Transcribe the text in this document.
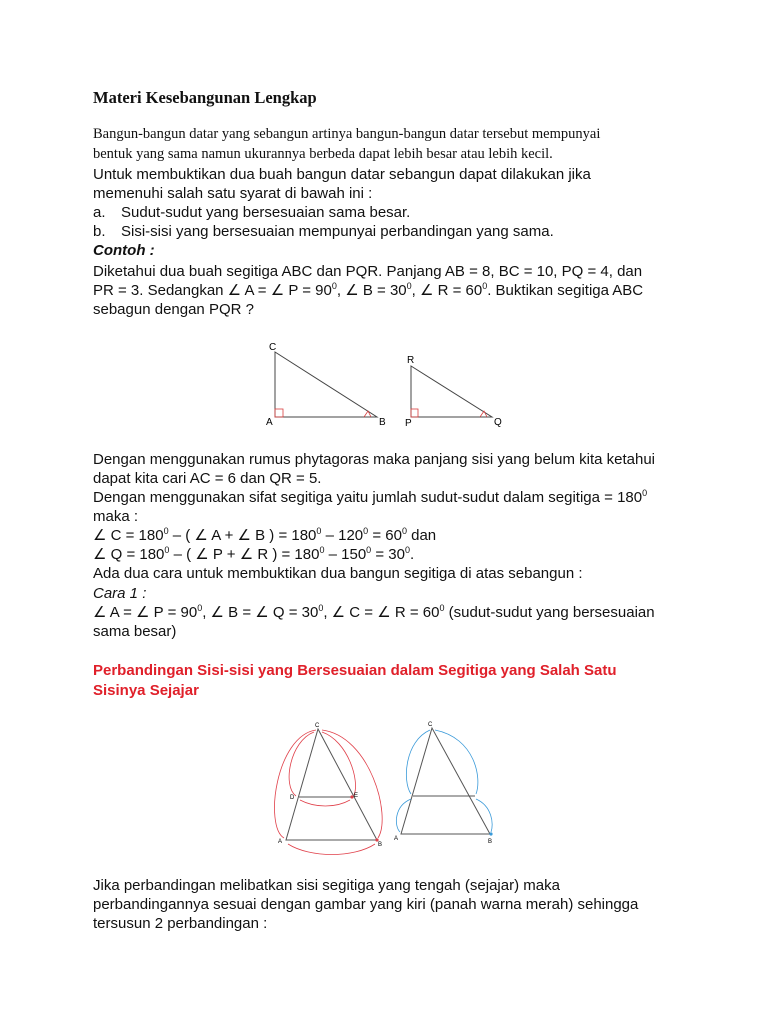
Materi Kesebangunan Lengkap

Bangun-bangun datar yang sebangun artinya bangun-bangun datar tersebut mempunyai

bentuk yang sama namun ukurannya berbeda dapat lebih besar atau lebih kecil.

Untuk membuktikan dua buah bangun datar sebangun dapat dilakukan jika

memenuhi salah satu syarat di bawah ini :

a. Sudut-sudut yang bersesuaian sama besar.

b. Sisi-sisi yang bersesuaian mempunyai perbandingan yang sama.

Contoh :

Diketahui dua buah segitiga ABC dan PQR. Panjang AB = 8, BC = 10, PQ = 4, dan

PR = 3. Sedangkan ∠ A = ∠ $P = 90^0$, ∠ $B = 30^0$, ∠ $R = 60^0$. Buktikan segitiga ABC

sebagun dengan PQR ?

C
A	B
R
P	Q

Dengan menggunakan rumus phytagoras maka panjang sisi yang belum kita ketahui

dapat kita cari AC = 6 dan QR = 5.

Dengan menggunakan sifat segitiga yaitu jumlah sudut-sudut dalam segitiga = $180^0$

maka :

∠ $C = 180^0$ – ( ∠ A + ∠ B ) = $180^0 - 120^0 = 60^0$ dan

∠ $Q = 180^0$ – ( ∠ P + ∠ R ) = $180^0 - 150^0 = 30^0$.

Ada dua cara untuk membuktikan dua bangun segitiga di atas sebangun :

Cara 1 :

∠ A = ∠ $P = 90^0$, ∠ B = ∠ $Q = 30^0$, ∠ C = ∠ $R = 60^0$ (sudut-sudut yang bersesuaian

sama besar)

Perbandingan Sisi-sisi yang Bersesuaian dalam Segitiga yang Salah Satu

Sisinya Sejajar

C
D	E
A	B
C
A	B

Jika perbandingan melibatkan sisi segitiga yang tengah (sejajar) maka

perbandingannya sesuai dengan gambar yang kiri (panah warna merah) sehingga

tersusun 2 perbandingan :
